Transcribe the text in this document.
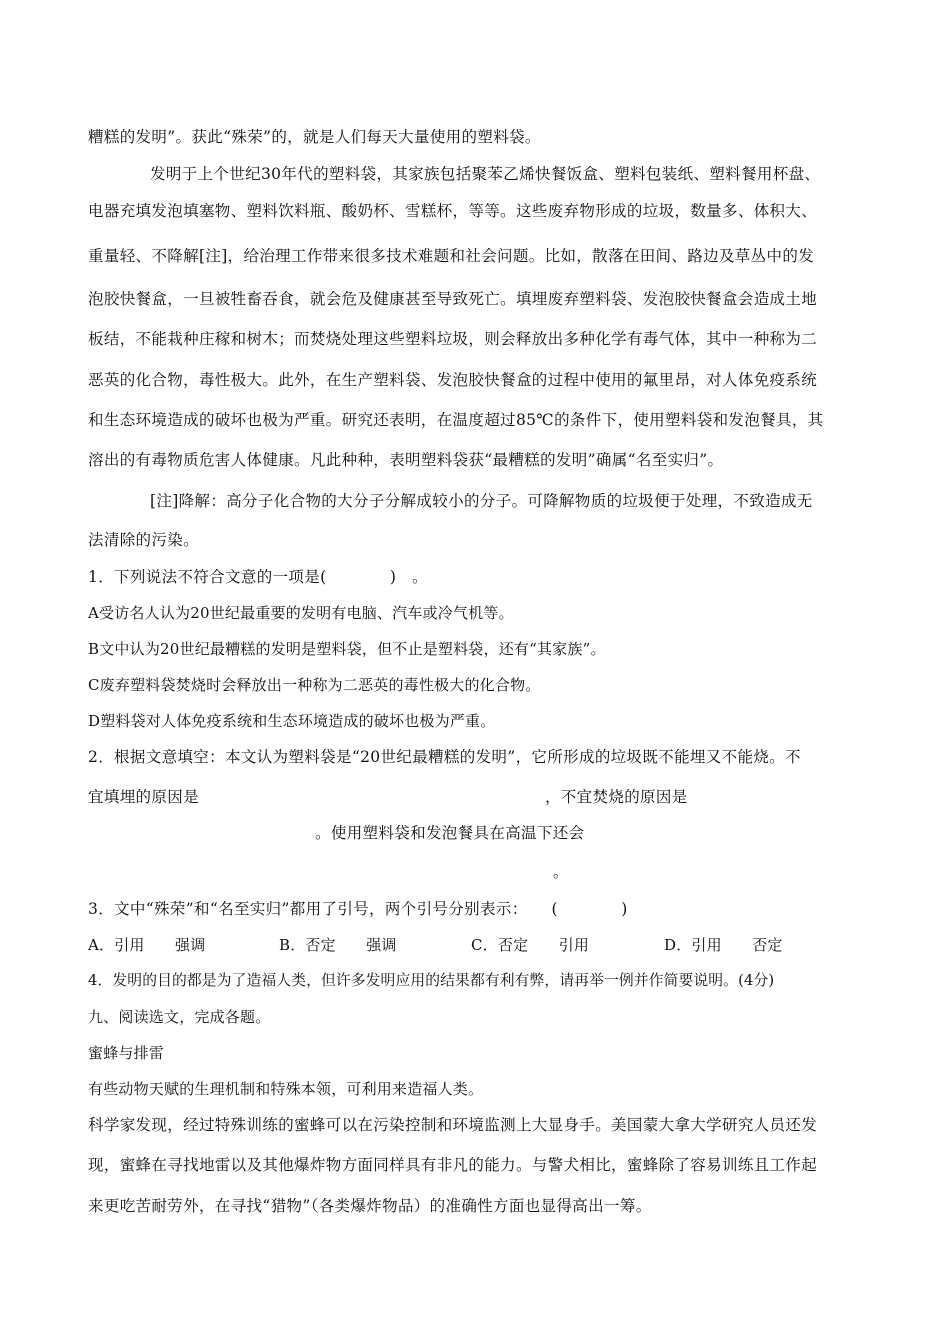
糟糕的发明”。获此“殊荣”的，就是人们每天大量使用的塑料袋。
发明于上个世纪30年代的塑料袋，其家族包括聚苯乙烯快餐饭盒、塑料包装纸、塑料餐用杯盘、
电器充填发泡填塞物、塑料饮料瓶、酸奶杯、雪糕杯，等等。这些废弃物形成的垃圾，数量多、体积大、
重量轻、不降解[注]，给治理工作带来很多技术难题和社会问题。比如，散落在田间、路边及草丛中的发
泡胶快餐盒，一旦被牲畜吞食，就会危及健康甚至导致死亡。填埋废弃塑料袋、发泡胶快餐盒会造成土地
板结，不能栽种庄稼和树木；而焚烧处理这些塑料垃圾，则会释放出多种化学有毒气体，其中一种称为二
恶英的化合物，毒性极大。此外，在生产塑料袋、发泡胶快餐盒的过程中使用的氟里昂，对人体免疫系统
和生态环境造成的破坏也极为严重。研究还表明，在温度超过85℃的条件下，使用塑料袋和发泡餐具，其
溶出的有毒物质危害人体健康。凡此种种，表明塑料袋获“最糟糕的发明”确属“名至实归”。
[注]降解：高分子化合物的大分子分解成较小的分子。可降解物质的垃圾便于处理，不致造成无
法清除的污染。
1．下列说法不符合文意的一项是(　　　　)　。
A受访名人认为20世纪最重要的发明有电脑、汽车或冷气机等。
B文中认为20世纪最糟糕的发明是塑料袋，但不止是塑料袋，还有“其家族”。
C废弃塑料袋焚烧时会释放出一种称为二恶英的毒性极大的化合物。
D塑料袋对人体免疫系统和生态环境造成的破坏也极为严重。
2．根据文意填空：本文认为塑料袋是“20世纪最糟糕的发明”，它所形成的垃圾既不能埋又不能烧。不
宜填埋的原因是	，不宜焚烧的原因是
。使用塑料袋和发泡餐具在高温下还会
。
3．文中“殊荣”和“名至实归”都用了引号，两个引号分别表示：　　(　　　　)
A．引用　　强调	B．否定　　强调	C．否定　　引用	D．引用　　否定
4．发明的目的都是为了造福人类，但许多发明应用的结果都有利有弊，请再举一例并作简要说明。(4分)
九、阅读选文，完成各题。
蜜蜂与排雷
有些动物天赋的生理机制和特殊本领，可利用来造福人类。
科学家发现，经过特殊训练的蜜蜂可以在污染控制和环境监测上大显身手。美国蒙大拿大学研究人员还发
现，蜜蜂在寻找地雷以及其他爆炸物方面同样具有非凡的能力。与警犬相比，蜜蜂除了容易训练且工作起
来更吃苦耐劳外，在寻找“猎物”（各类爆炸物品）的准确性方面也显得高出一筹。
